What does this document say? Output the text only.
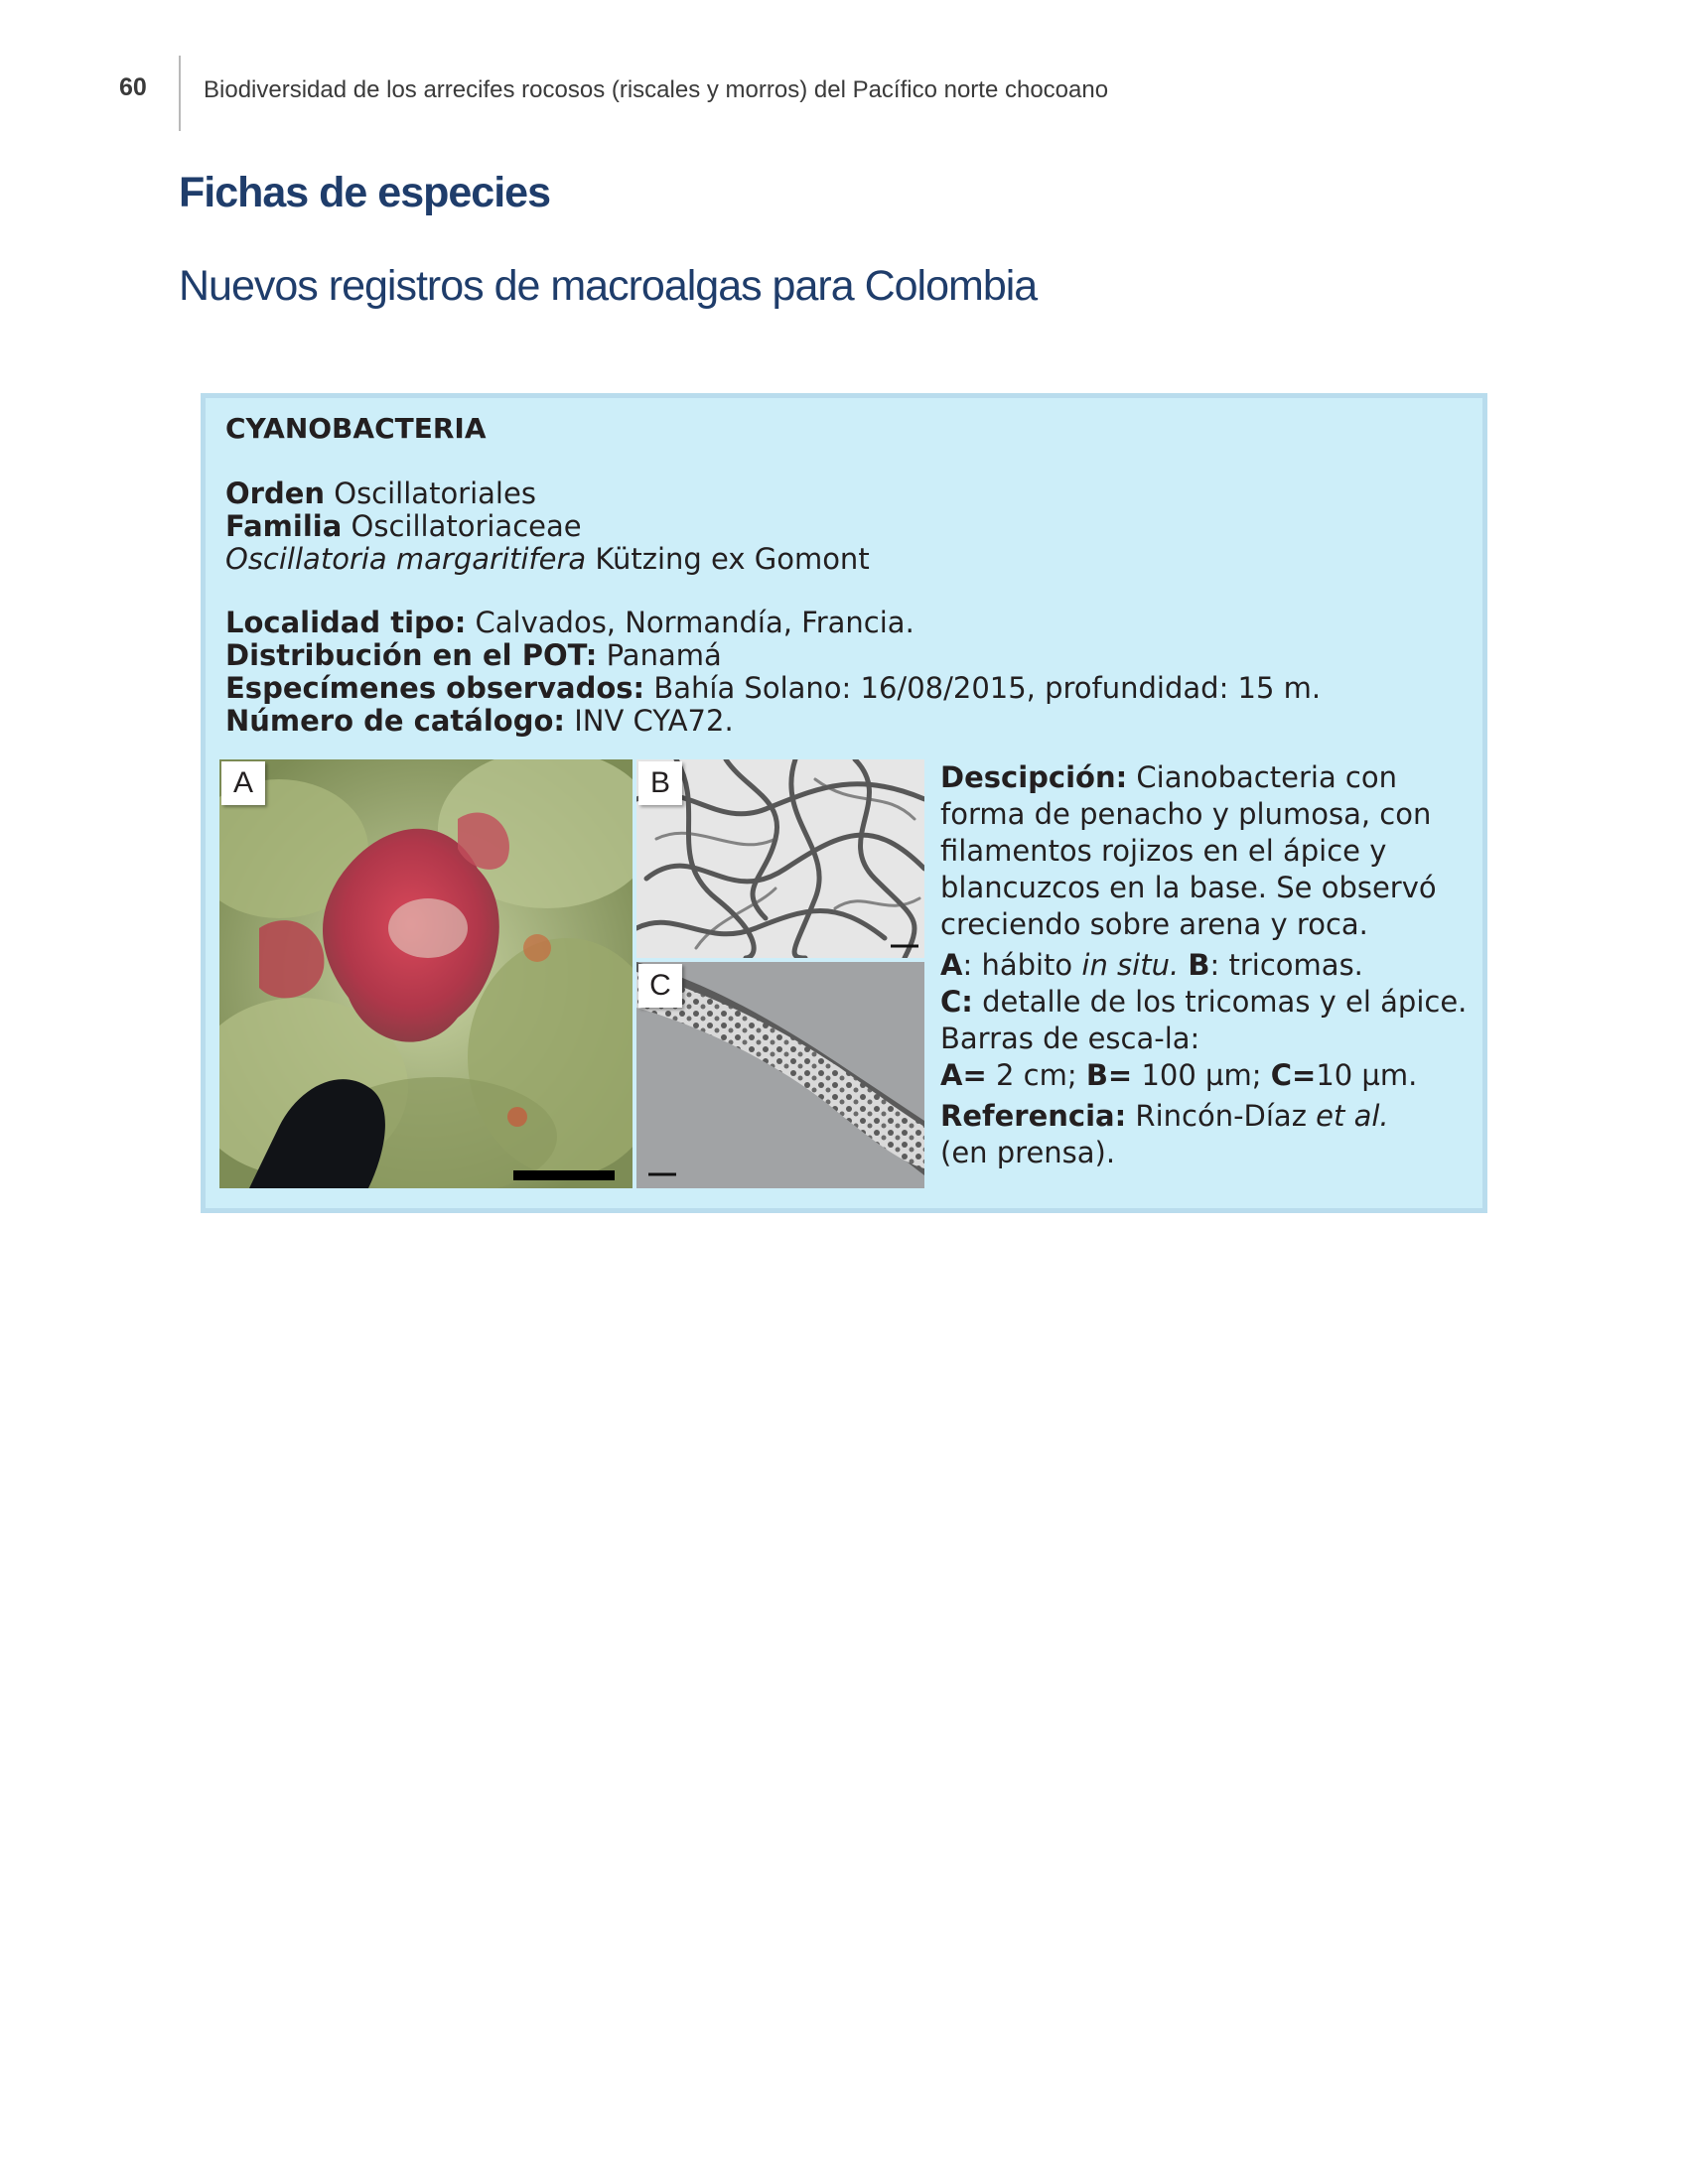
60 Biodiversidad de los arrecifes rocosos (riscales y morros) del Pacífico norte chocoano
Fichas de especies
Nuevos registros de macroalgas para Colombia
CYANOBACTERIA
Orden Oscillatoriales
Familia Oscillatoriaceae
Oscillatoria margaritifera Kützing ex Gomont
Localidad tipo: Calvados, Normandía, Francia.
Distribución en el POT: Panamá
Especímenes observados: Bahía Solano: 16/08/2015, profundidad: 15 m.
Número de catálogo: INV CYA72.
A	B
C

Descipción: Cianobacteria con forma de penacho y plumosa, con filamentos rojizos en el ápice y blancuzcos en la base. Se observó creciendo sobre arena y roca.

A: hábito in situ. B: tricomas.
C: detalle de los tricomas y el ápice.
Barras de esca-la:
A= 2 cm; B= 100 µm; C=10 µm.

Referencia: Rincón-Díaz et al.
(en prensa).
